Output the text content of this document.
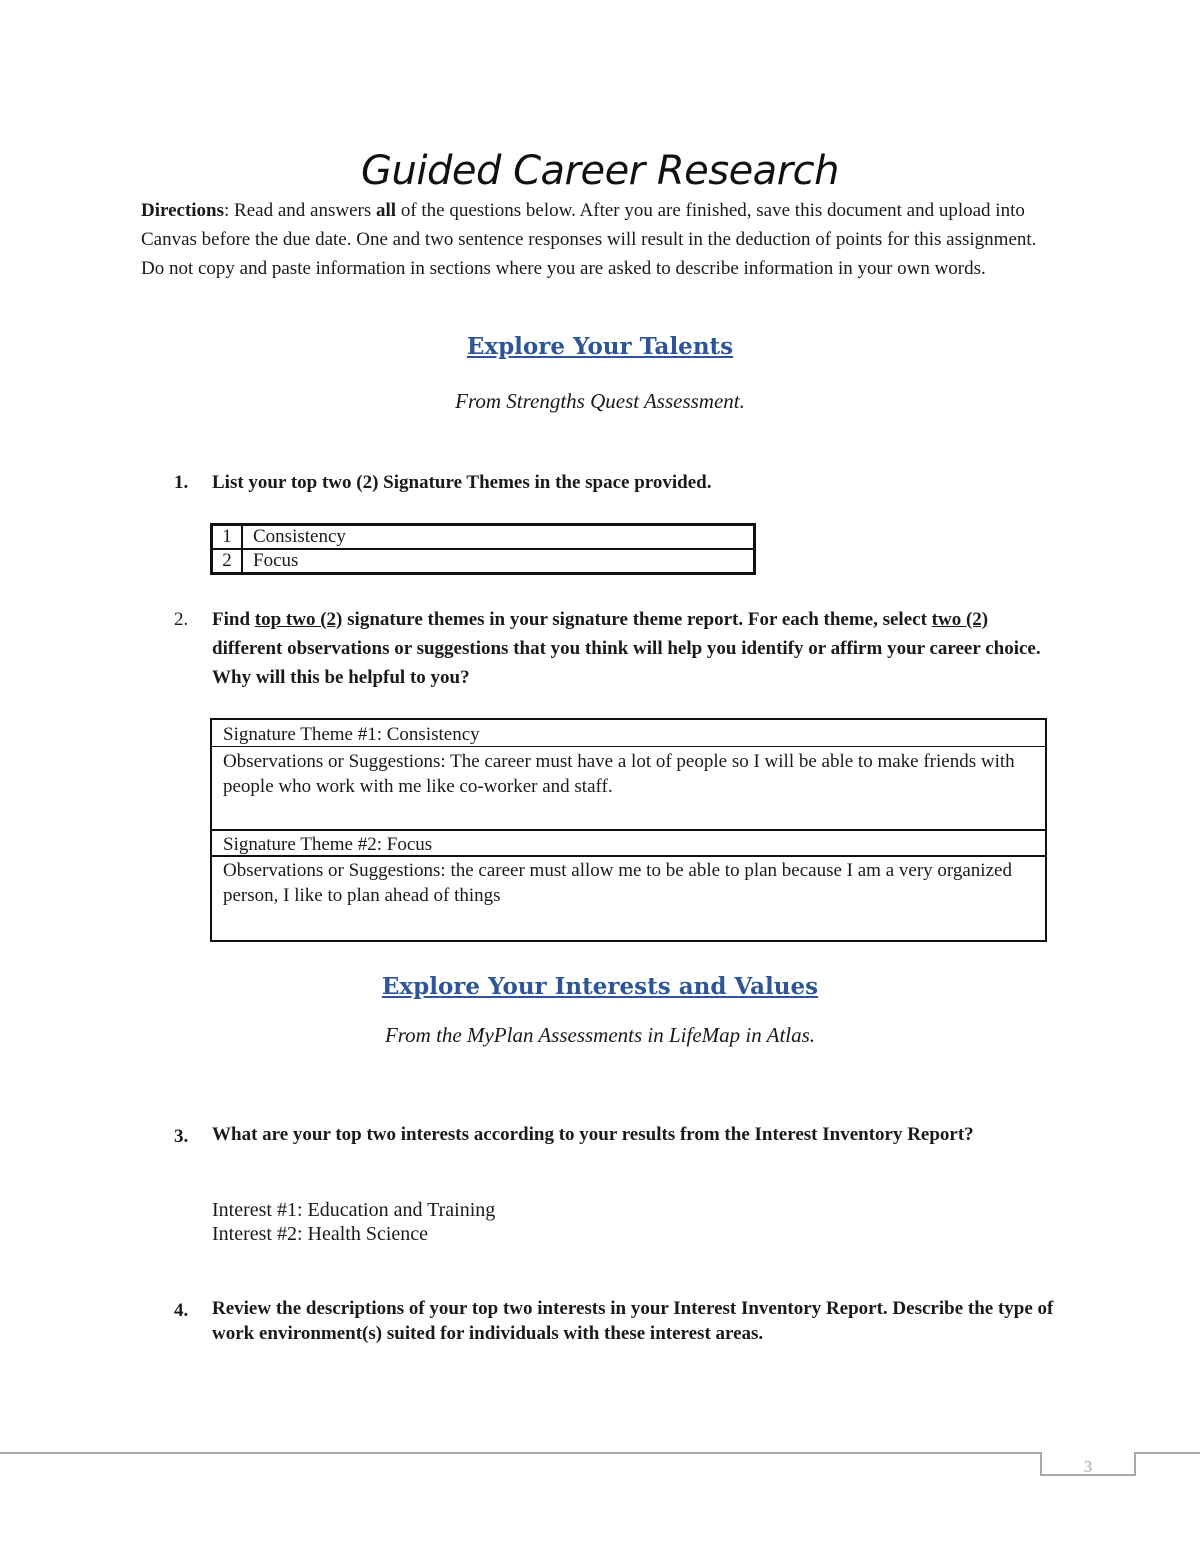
Guided Career Research

Directions: Read and answers all of the questions below. After you are finished, save this document and upload into Canvas before the due date. One and two sentence responses will result in the deduction of points for this assignment. Do not copy and paste information in sections where you are asked to describe information in your own words.

Explore Your Talents

From Strengths Quest Assessment.

1. List your top two (2) Signature Themes in the space provided.
1	Consistency
2	Focus
2. Find top two (2) signature themes in your signature theme report. For each theme, select two (2) different observations or suggestions that you think will help you identify or affirm your career choice. Why will this be helpful to you?
Signature Theme #1: Consistency
Observations or Suggestions: The career must have a lot of people so I will be able to make friends with people who work with me like co-worker and staff.
Signature Theme #2: Focus
Observations or Suggestions: the career must allow me to be able to plan because I am a very organized person, I like to plan ahead of things
Explore Your Interests and Values

From the MyPlan Assessments in LifeMap in Atlas.

3. What are your top two interests according to your results from the Interest Inventory Report?

Interest #1: Education and Training

Interest #2: Health Science

4. Review the descriptions of your top two interests in your Interest Inventory Report. Describe the type of work environment(s) suited for individuals with these interest areas.
3
